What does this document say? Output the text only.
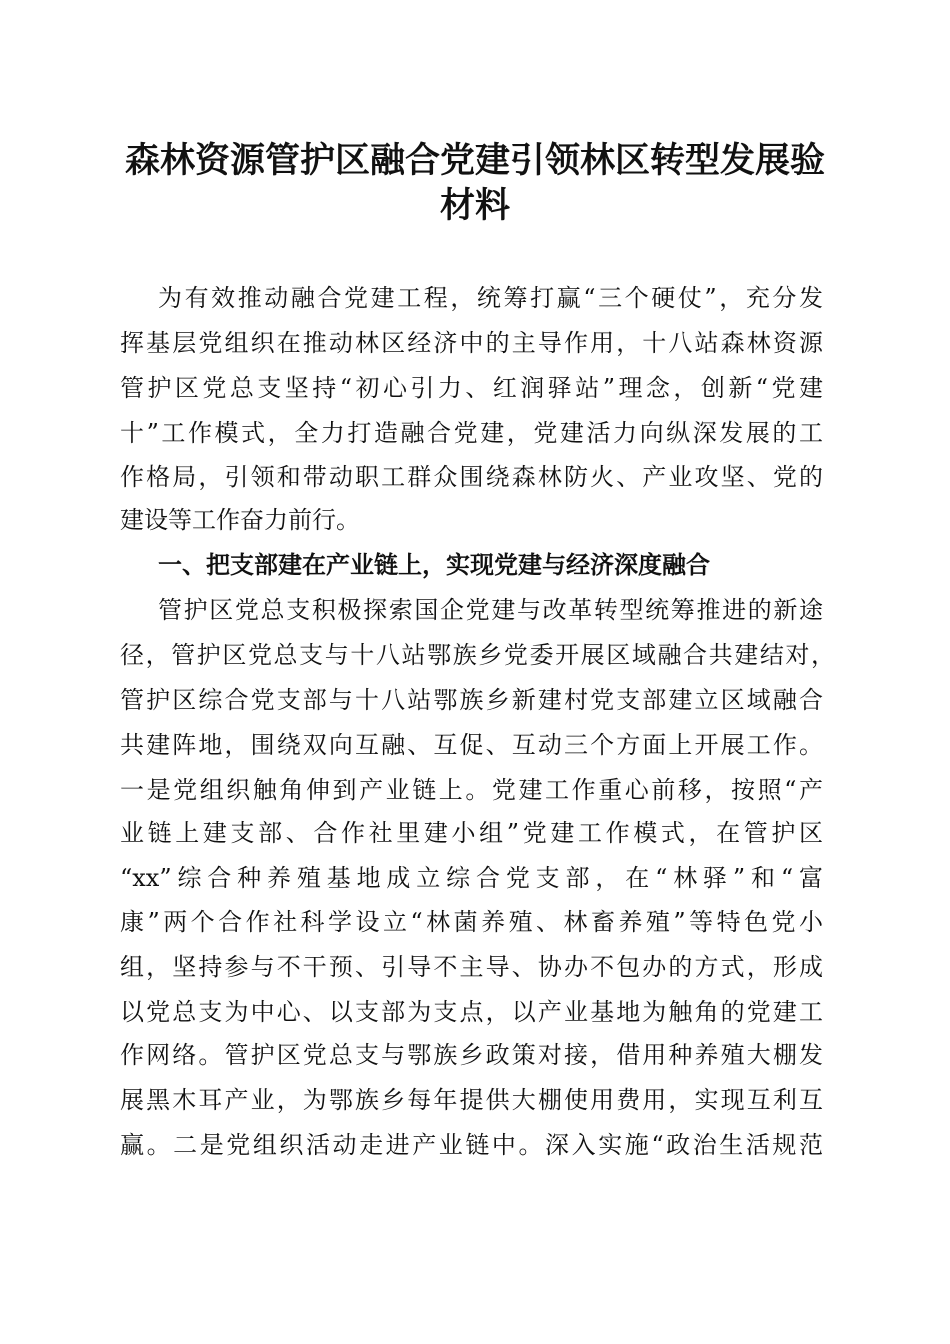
森林资源管护区融合党建引领林区转型发展验
材料
为有效推动融合党建工程，统筹打赢“三个硬仗”，充分发
挥基层党组织在推动林区经济中的主导作用，十八站森林资源
管护区党总支坚持“初心引力、红润驿站”理念，创新“党建
十”工作模式，全力打造融合党建，党建活力向纵深发展的工
作格局，引领和带动职工群众围绕森林防火、产业攻坚、党的
建设等工作奋力前行。
一、把支部建在产业链上，实现党建与经济深度融合
管护区党总支积极探索国企党建与改革转型统筹推进的新途
径，管护区党总支与十八站鄂族乡党委开展区域融合共建结对，
管护区综合党支部与十八站鄂族乡新建村党支部建立区域融合
共建阵地，围绕双向互融、互促、互动三个方面上开展工作。
一是党组织触角伸到产业链上。党建工作重心前移，按照“产
业链上建支部、合作社里建小组”党建工作模式，在管护区
“xx”综合种养殖基地成立综合党支部，在“林驿”和“富
康”两个合作社科学设立“林菌养殖、林畜养殖”等特色党小
组，坚持参与不干预、引导不主导、协办不包办的方式，形成
以党总支为中心、以支部为支点，以产业基地为触角的党建工
作网络。管护区党总支与鄂族乡政策对接，借用种养殖大棚发
展黑木耳产业，为鄂族乡每年提供大棚使用费用，实现互利互
赢。二是党组织活动走进产业链中。深入实施“政治生活规范
